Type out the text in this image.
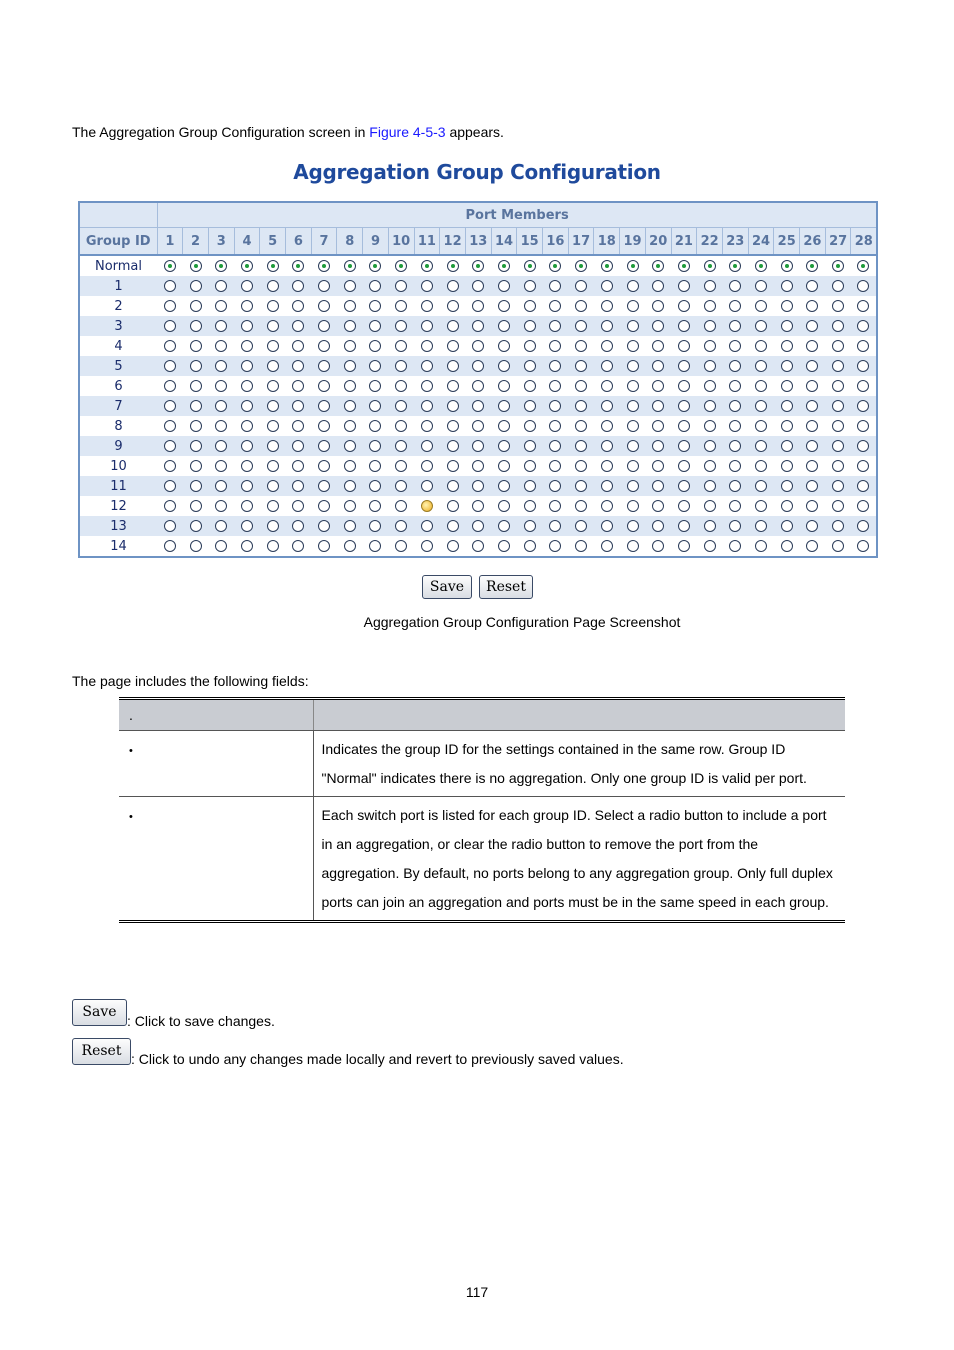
The Aggregation Group Configuration screen in Figure 4-5-3 appears.
Aggregation Group Configuration
	Port Members																											
Group ID	1	2	3	4	5	6	7	8	9	10	11	12	13	14	15	16	17	18	19	20	21	22	23	24	25	26	27	28
Normal																												
1																												
2																												
3																												
4																												
5																												
6																												
7																												
8																												
9																												
10																												
11																												
12																												
13																												
14																												
Save	Reset
Aggregation Group Configuration Page Screenshot
The page includes the following fields:
.	
•	Indicates the group ID for the settings contained in the same row. Group ID "Normal" indicates there is no aggregation. Only one group ID is valid per port.
•	Each switch port is listed for each group ID. Select a radio button to include a port in an aggregation, or clear the radio button to remove the port from the aggregation. By default, no ports belong to any aggregation group. Only full duplex ports can join an aggregation and ports must be in the same speed in each group.
Save
: Click to save changes.
Reset : Click to undo any changes made locally and revert to previously saved values.
117
